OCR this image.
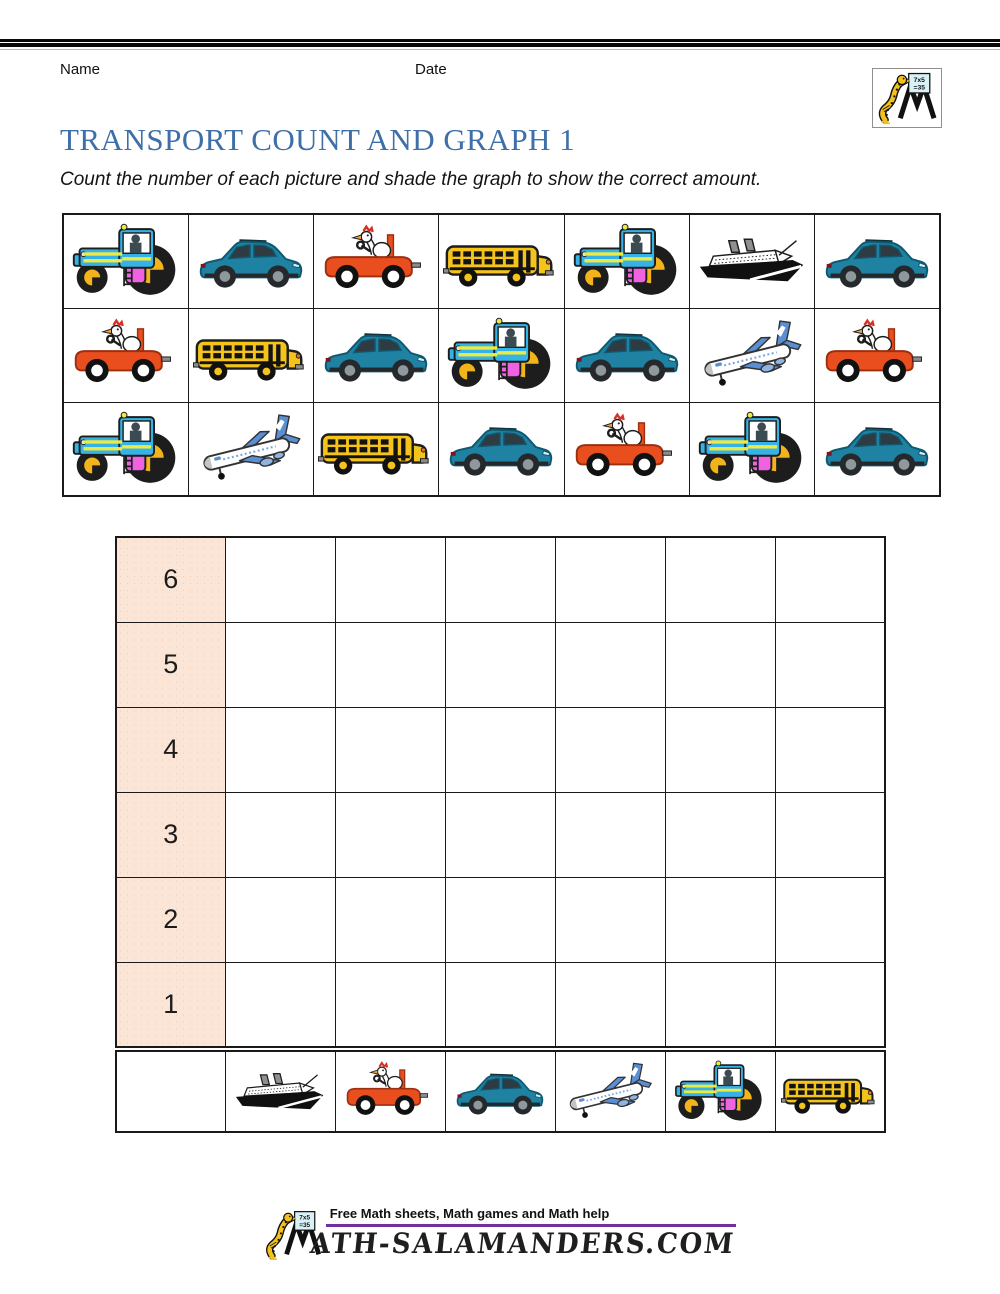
Name	Date
TRANSPORT COUNT AND GRAPH 1

Count the number of each picture and shade the graph to show the correct amount.

6						
5						
4						
3						
2						
1						

Free Math sheets, Math games and Math help
ATH-SALAMANDERS.COM
